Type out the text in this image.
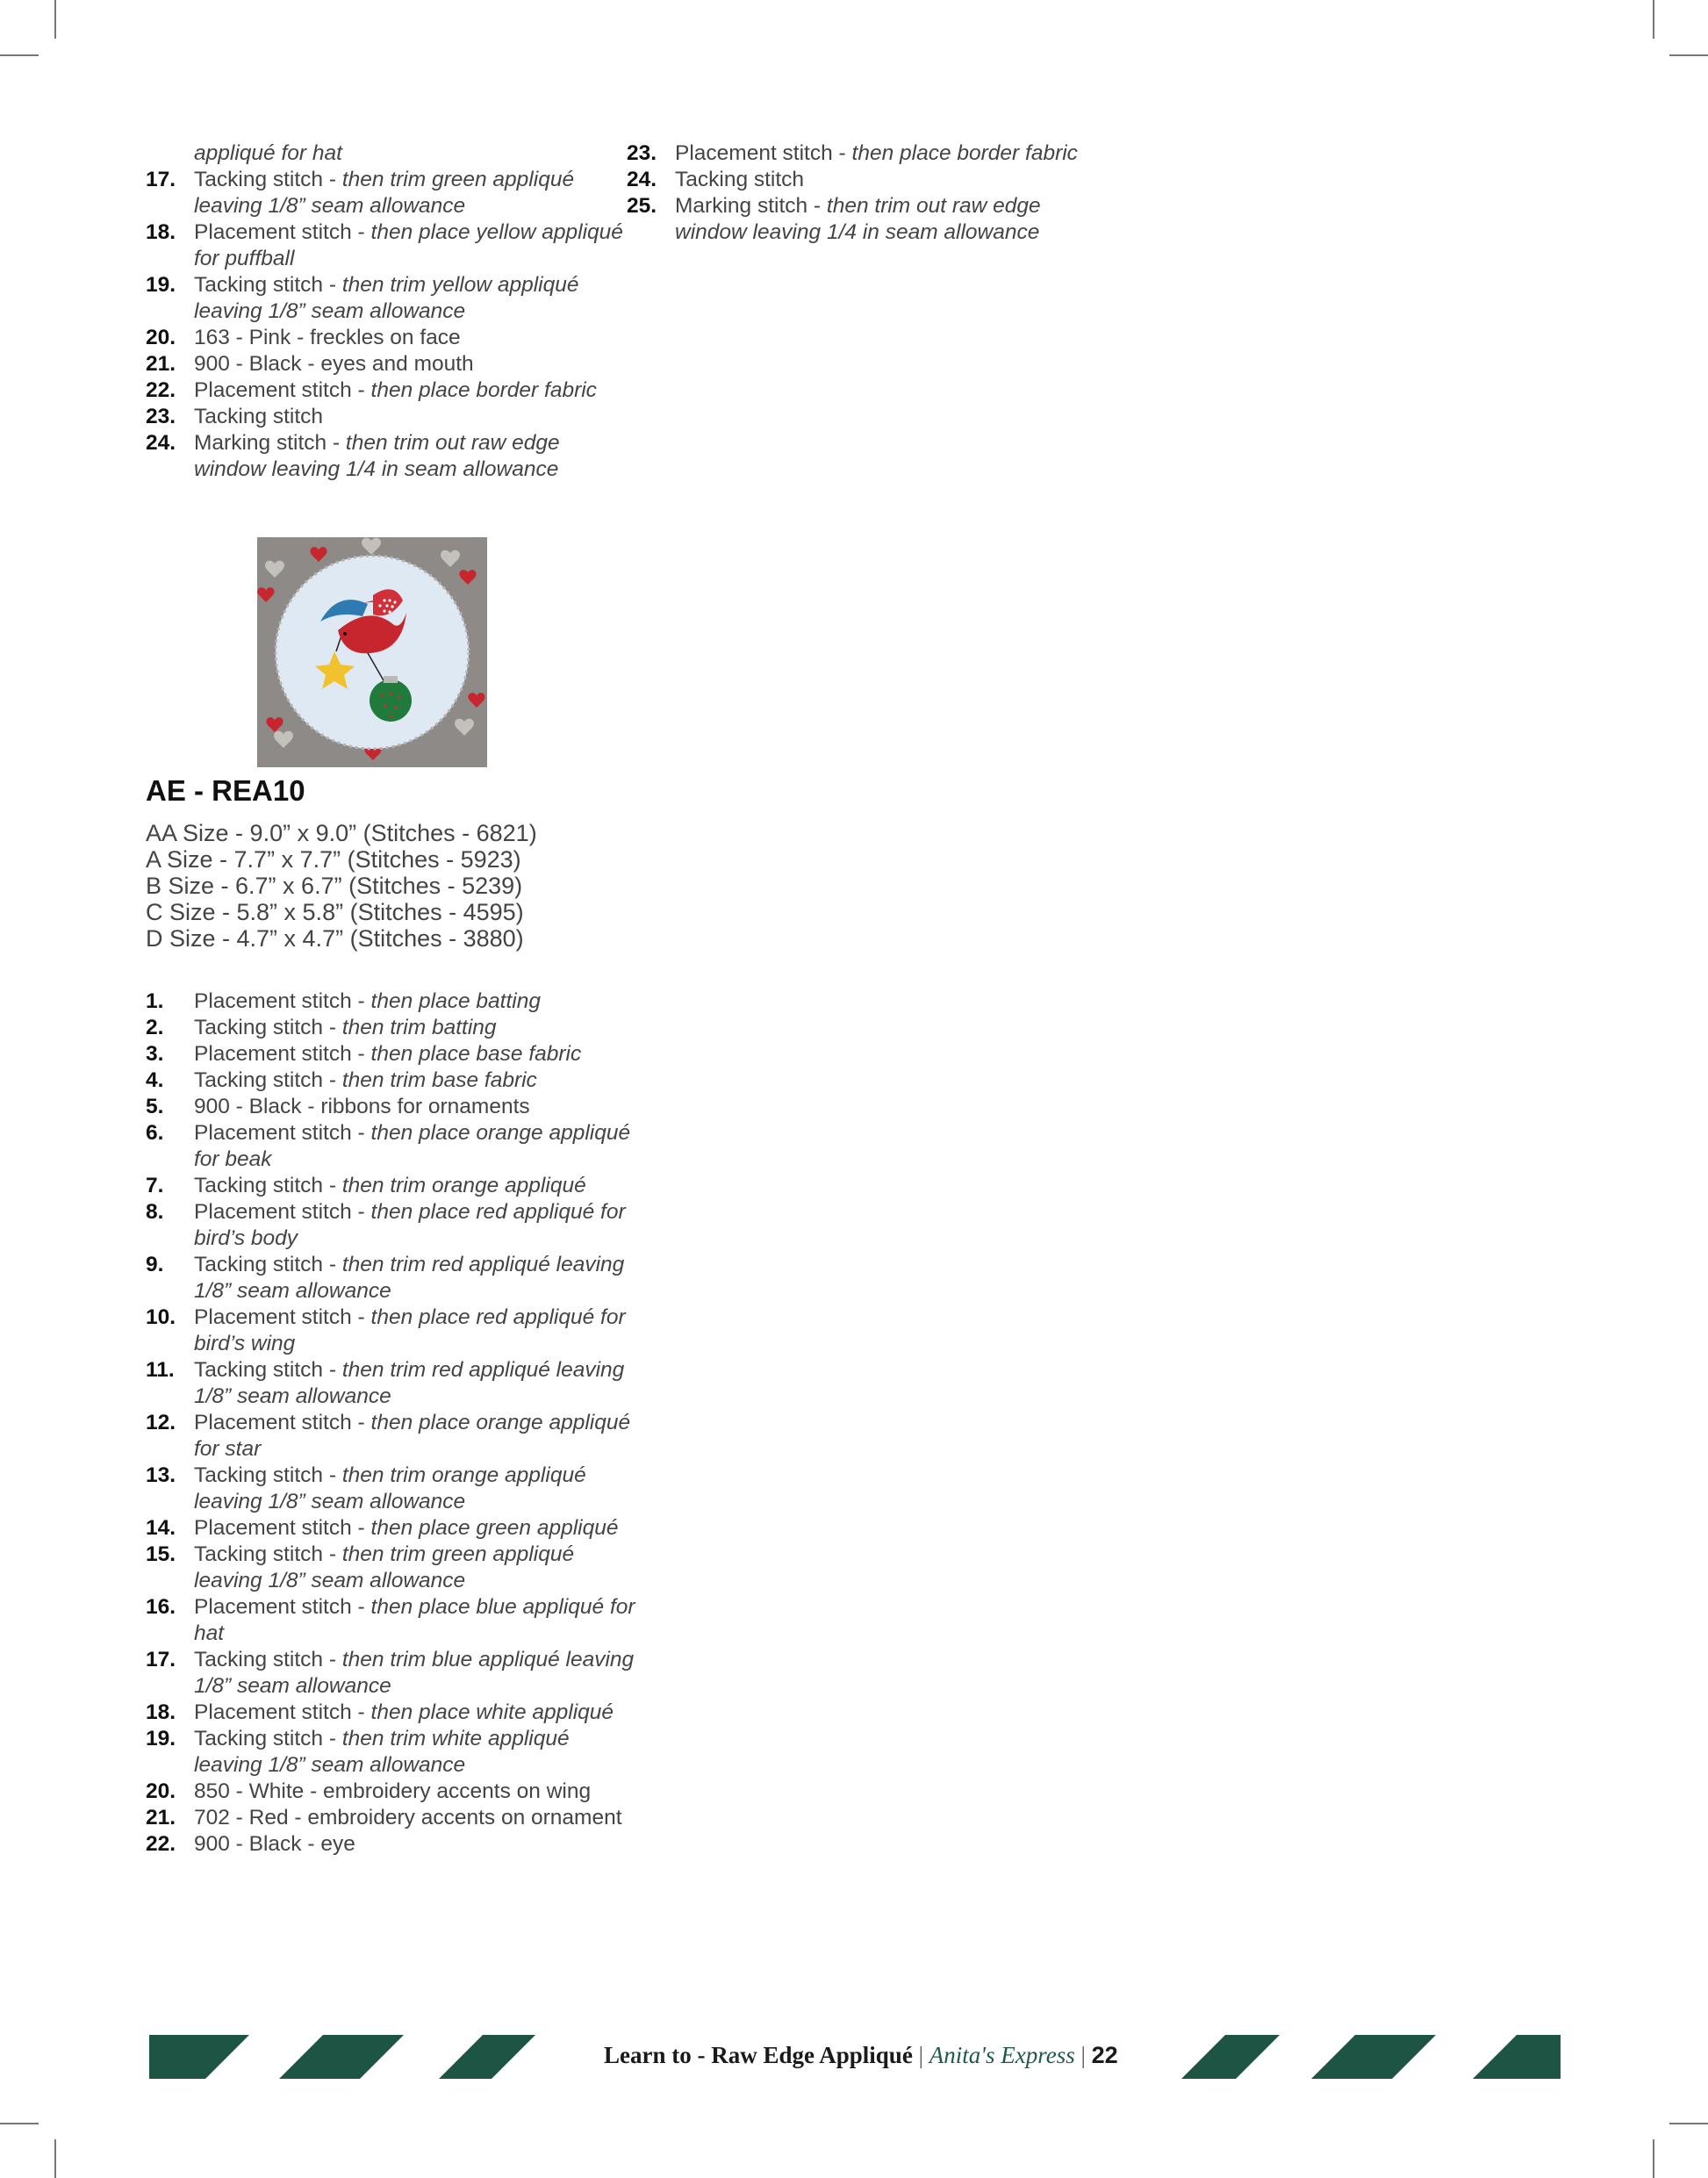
appliqué for hat
17. Tacking stitch - then trim green appliqué leaving 1/8” seam allowance
18. Placement stitch - then place yellow appliqué for puffball
19. Tacking stitch - then trim yellow appliqué leaving 1/8” seam allowance
20. 163 - Pink - freckles on face
21. 900 - Black - eyes and mouth
22. Placement stitch - then place border fabric
23. Tacking stitch
24. Marking stitch - then trim out raw edge window leaving 1/4 in seam allowance
23. Placement stitch - then place border fabric
24. Tacking stitch
25. Marking stitch - then trim out raw edge window leaving 1/4 in seam allowance
AE - REA10
AA Size - 9.0” x 9.0” (Stitches - 6821)
A Size - 7.7” x 7.7” (Stitches - 5923)
B Size - 6.7” x 6.7” (Stitches - 5239)
C Size - 5.8” x 5.8” (Stitches - 4595)
D Size - 4.7” x 4.7” (Stitches - 3880)
1. Placement stitch - then place batting
2. Tacking stitch - then trim batting
3. Placement stitch - then place base fabric
4. Tacking stitch - then trim base fabric
5. 900 - Black - ribbons for ornaments
6. Placement stitch - then place orange appliqué for beak
7. Tacking stitch - then trim orange appliqué
8. Placement stitch - then place red appliqué for bird’s body
9. Tacking stitch - then trim red appliqué leaving 1/8” seam allowance
10. Placement stitch - then place red appliqué for bird’s wing
11. Tacking stitch - then trim red appliqué leaving 1/8” seam allowance
12. Placement stitch - then place orange appliqué for star
13. Tacking stitch - then trim orange appliqué leaving 1/8” seam allowance
14. Placement stitch - then place green appliqué
15. Tacking stitch - then trim green appliqué leaving 1/8” seam allowance
16. Placement stitch - then place blue appliqué for hat
17. Tacking stitch - then trim blue appliqué leaving 1/8” seam allowance
18. Placement stitch - then place white appliqué
19. Tacking stitch - then trim white appliqué leaving 1/8” seam allowance
20. 850 - White - embroidery accents on wing
21. 702 - Red - embroidery accents on ornament
22. 900 - Black - eye
Learn to - Raw Edge Appliqué | Anita's Express | 22
